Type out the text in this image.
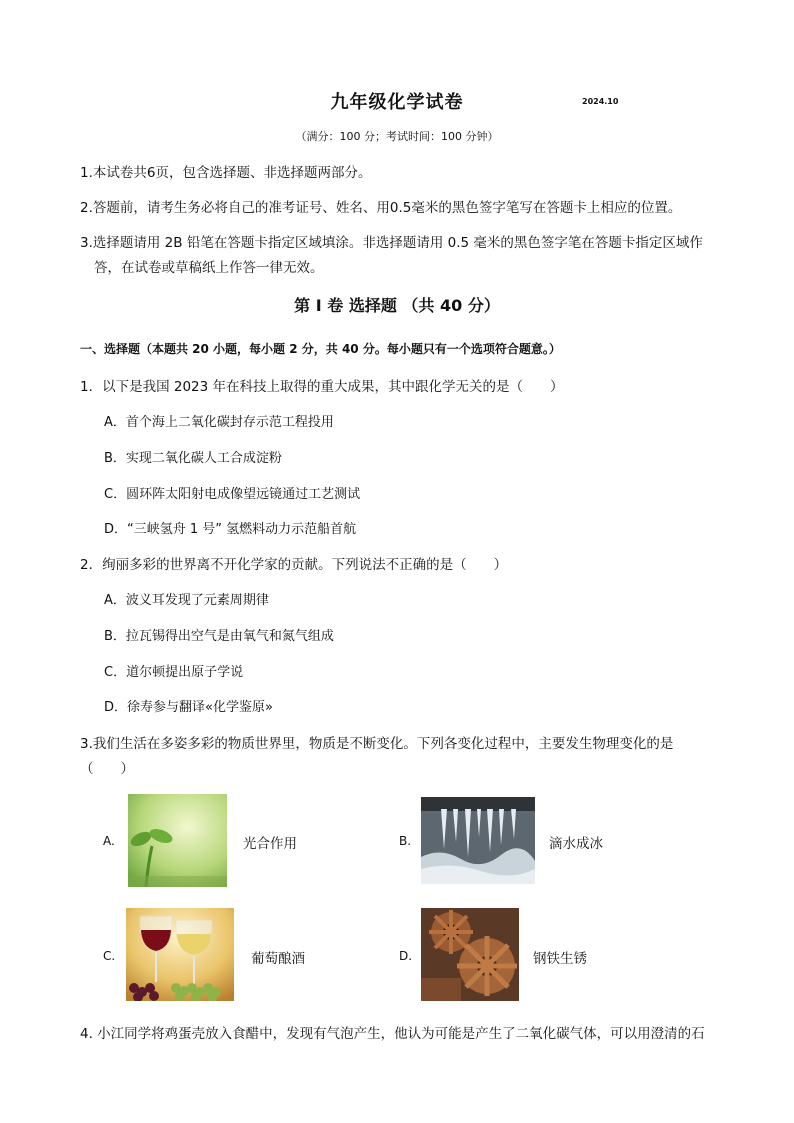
九年级化学试卷	2024.10
（满分：100 分；考试时间：100 分钟）
1.本试卷共6页，包含选择题、非选择题两部分。
2.答题前，请考生务必将自己的准考证号、姓名、用0.5毫米的黑色签字笔写在答题卡上相应的位置。
3.选择题请用 2B 铅笔在答题卡指定区域填涂。非选择题请用 0.5 毫米的黑色签字笔在答题卡指定区域作
答，在试卷或草稿纸上作答一律无效。
第 I 卷 选择题 （共 40 分）
一、选择题（本题共 20 小题，每小题 2 分，共 40 分。每小题只有一个选项符合题意。）
1．以下是我国 2023 年在科技上取得的重大成果，其中跟化学无关的是（　　）
A．首个海上二氧化碳封存示范工程投用
B．实现二氧化碳人工合成淀粉
C．圆环阵太阳射电成像望远镜通过工艺测试
D．“三峡氢舟 1 号” 氢燃料动力示范船首航
2．绚丽多彩的世界离不开化学家的贡献。下列说法不正确的是（　　）
A．波义耳发现了元素周期律
B．拉瓦锡得出空气是由氧气和氮气组成
C．道尔顿提出原子学说
D．徐寿参与翻译«化学鉴原»
3.我们生活在多姿多彩的物质世界里，物质是不断变化。下列各变化过程中，主要发生物理变化的是
（　　）
A.	光合作用	B.	滴水成冰
C.	葡萄酿酒	D.	钢铁生锈
4. 小江同学将鸡蛋壳放入食醋中，发现有气泡产生，他认为可能是产生了二氧化碳气体，可以用澄清的石
